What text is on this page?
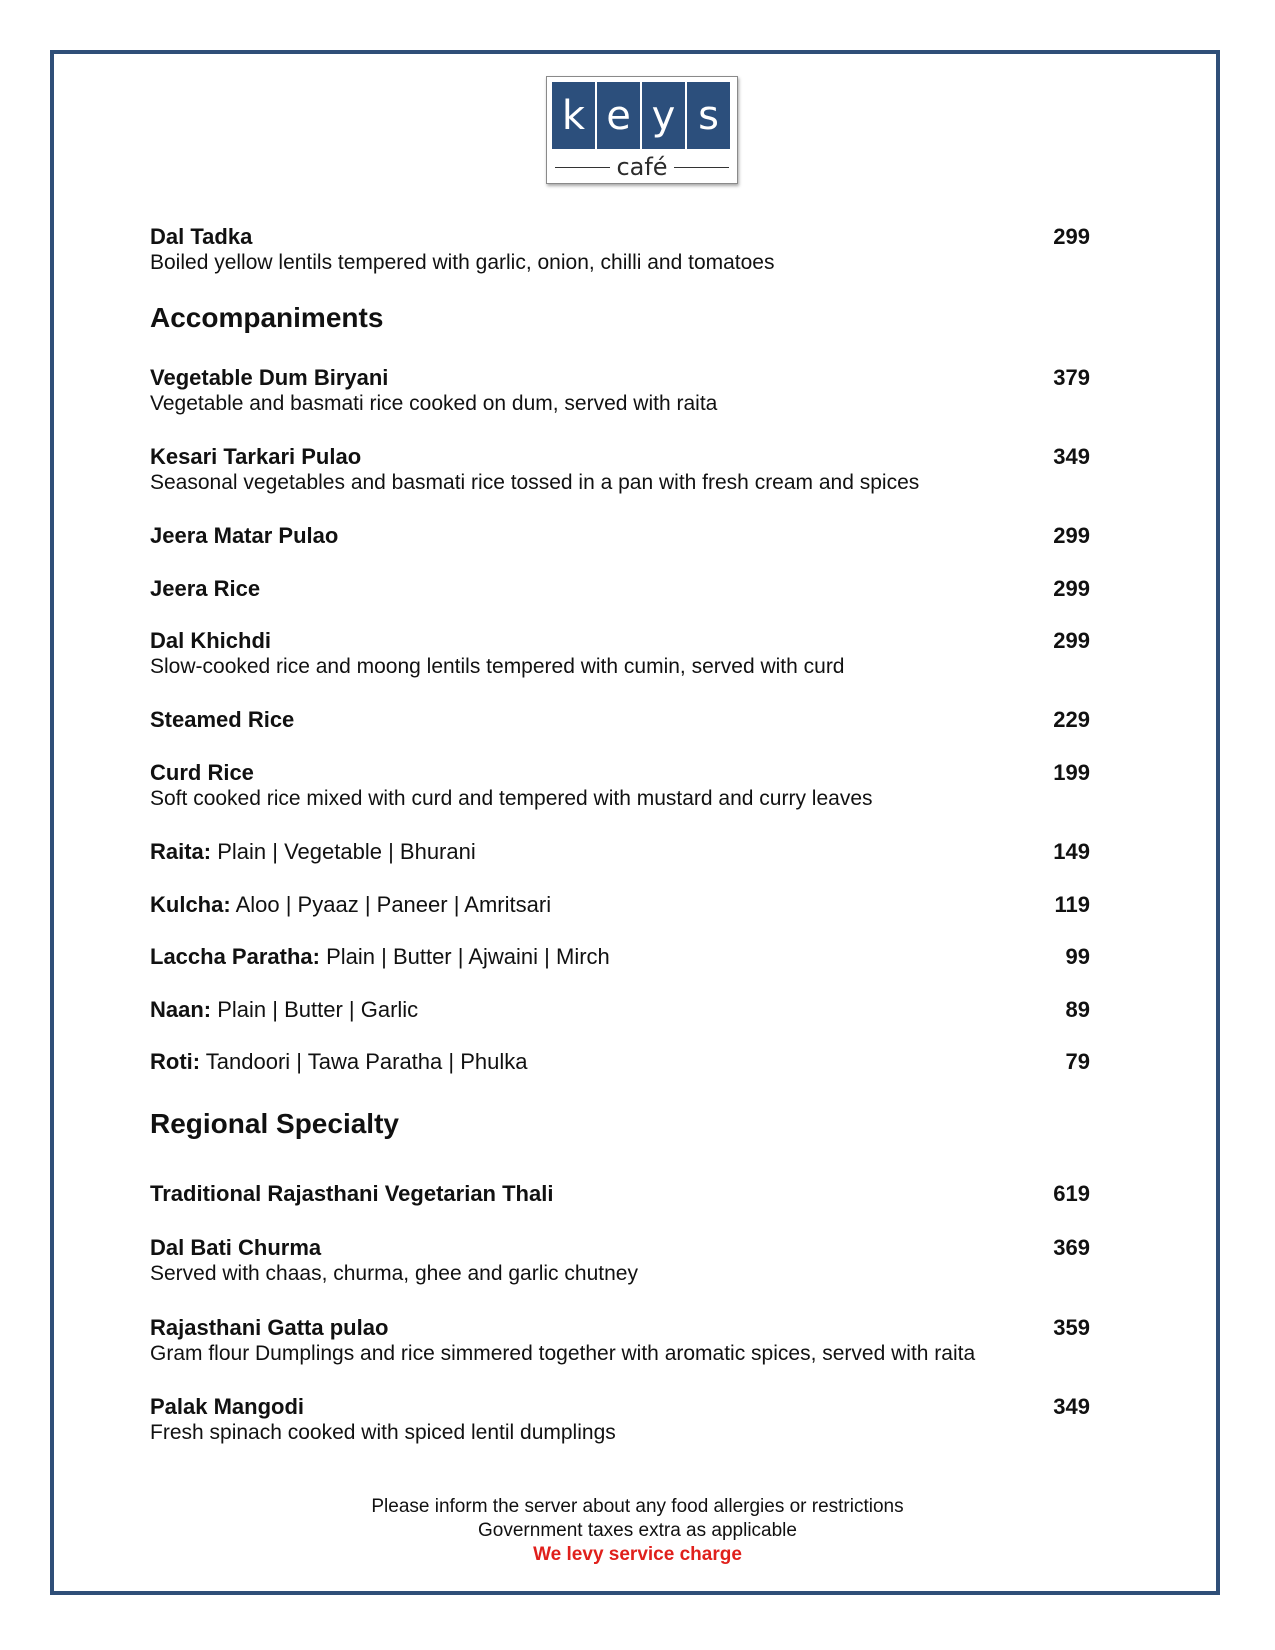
k e y s
café
Dal Tadka	299
Boiled yellow lentils tempered with garlic, onion, chilli and tomatoes
Accompaniments
Vegetable Dum Biryani	379
Vegetable and basmati rice cooked on dum, served with raita
Kesari Tarkari Pulao	349
Seasonal vegetables and basmati rice tossed in a pan with fresh cream and spices
Jeera Matar Pulao	299
Jeera Rice	299
Dal Khichdi	299
Slow-cooked rice and moong lentils tempered with cumin, served with curd
Steamed Rice	229
Curd Rice	199
Soft cooked rice mixed with curd and tempered with mustard and curry leaves
Raita: Plain | Vegetable | Bhurani	149
Kulcha: Aloo | Pyaaz | Paneer | Amritsari	119
Laccha Paratha: Plain | Butter | Ajwaini | Mirch	99
Naan: Plain | Butter | Garlic	89
Roti: Tandoori | Tawa Paratha | Phulka	79
Regional Specialty
Traditional Rajasthani Vegetarian Thali	619
Dal Bati Churma	369
Served with chaas, churma, ghee and garlic chutney
Rajasthani Gatta pulao	359
Gram flour Dumplings and rice simmered together with aromatic spices, served with raita
Palak Mangodi	349
Fresh spinach cooked with spiced lentil dumplings
Please inform the server about any food allergies or restrictions
Government taxes extra as applicable
We levy service charge
